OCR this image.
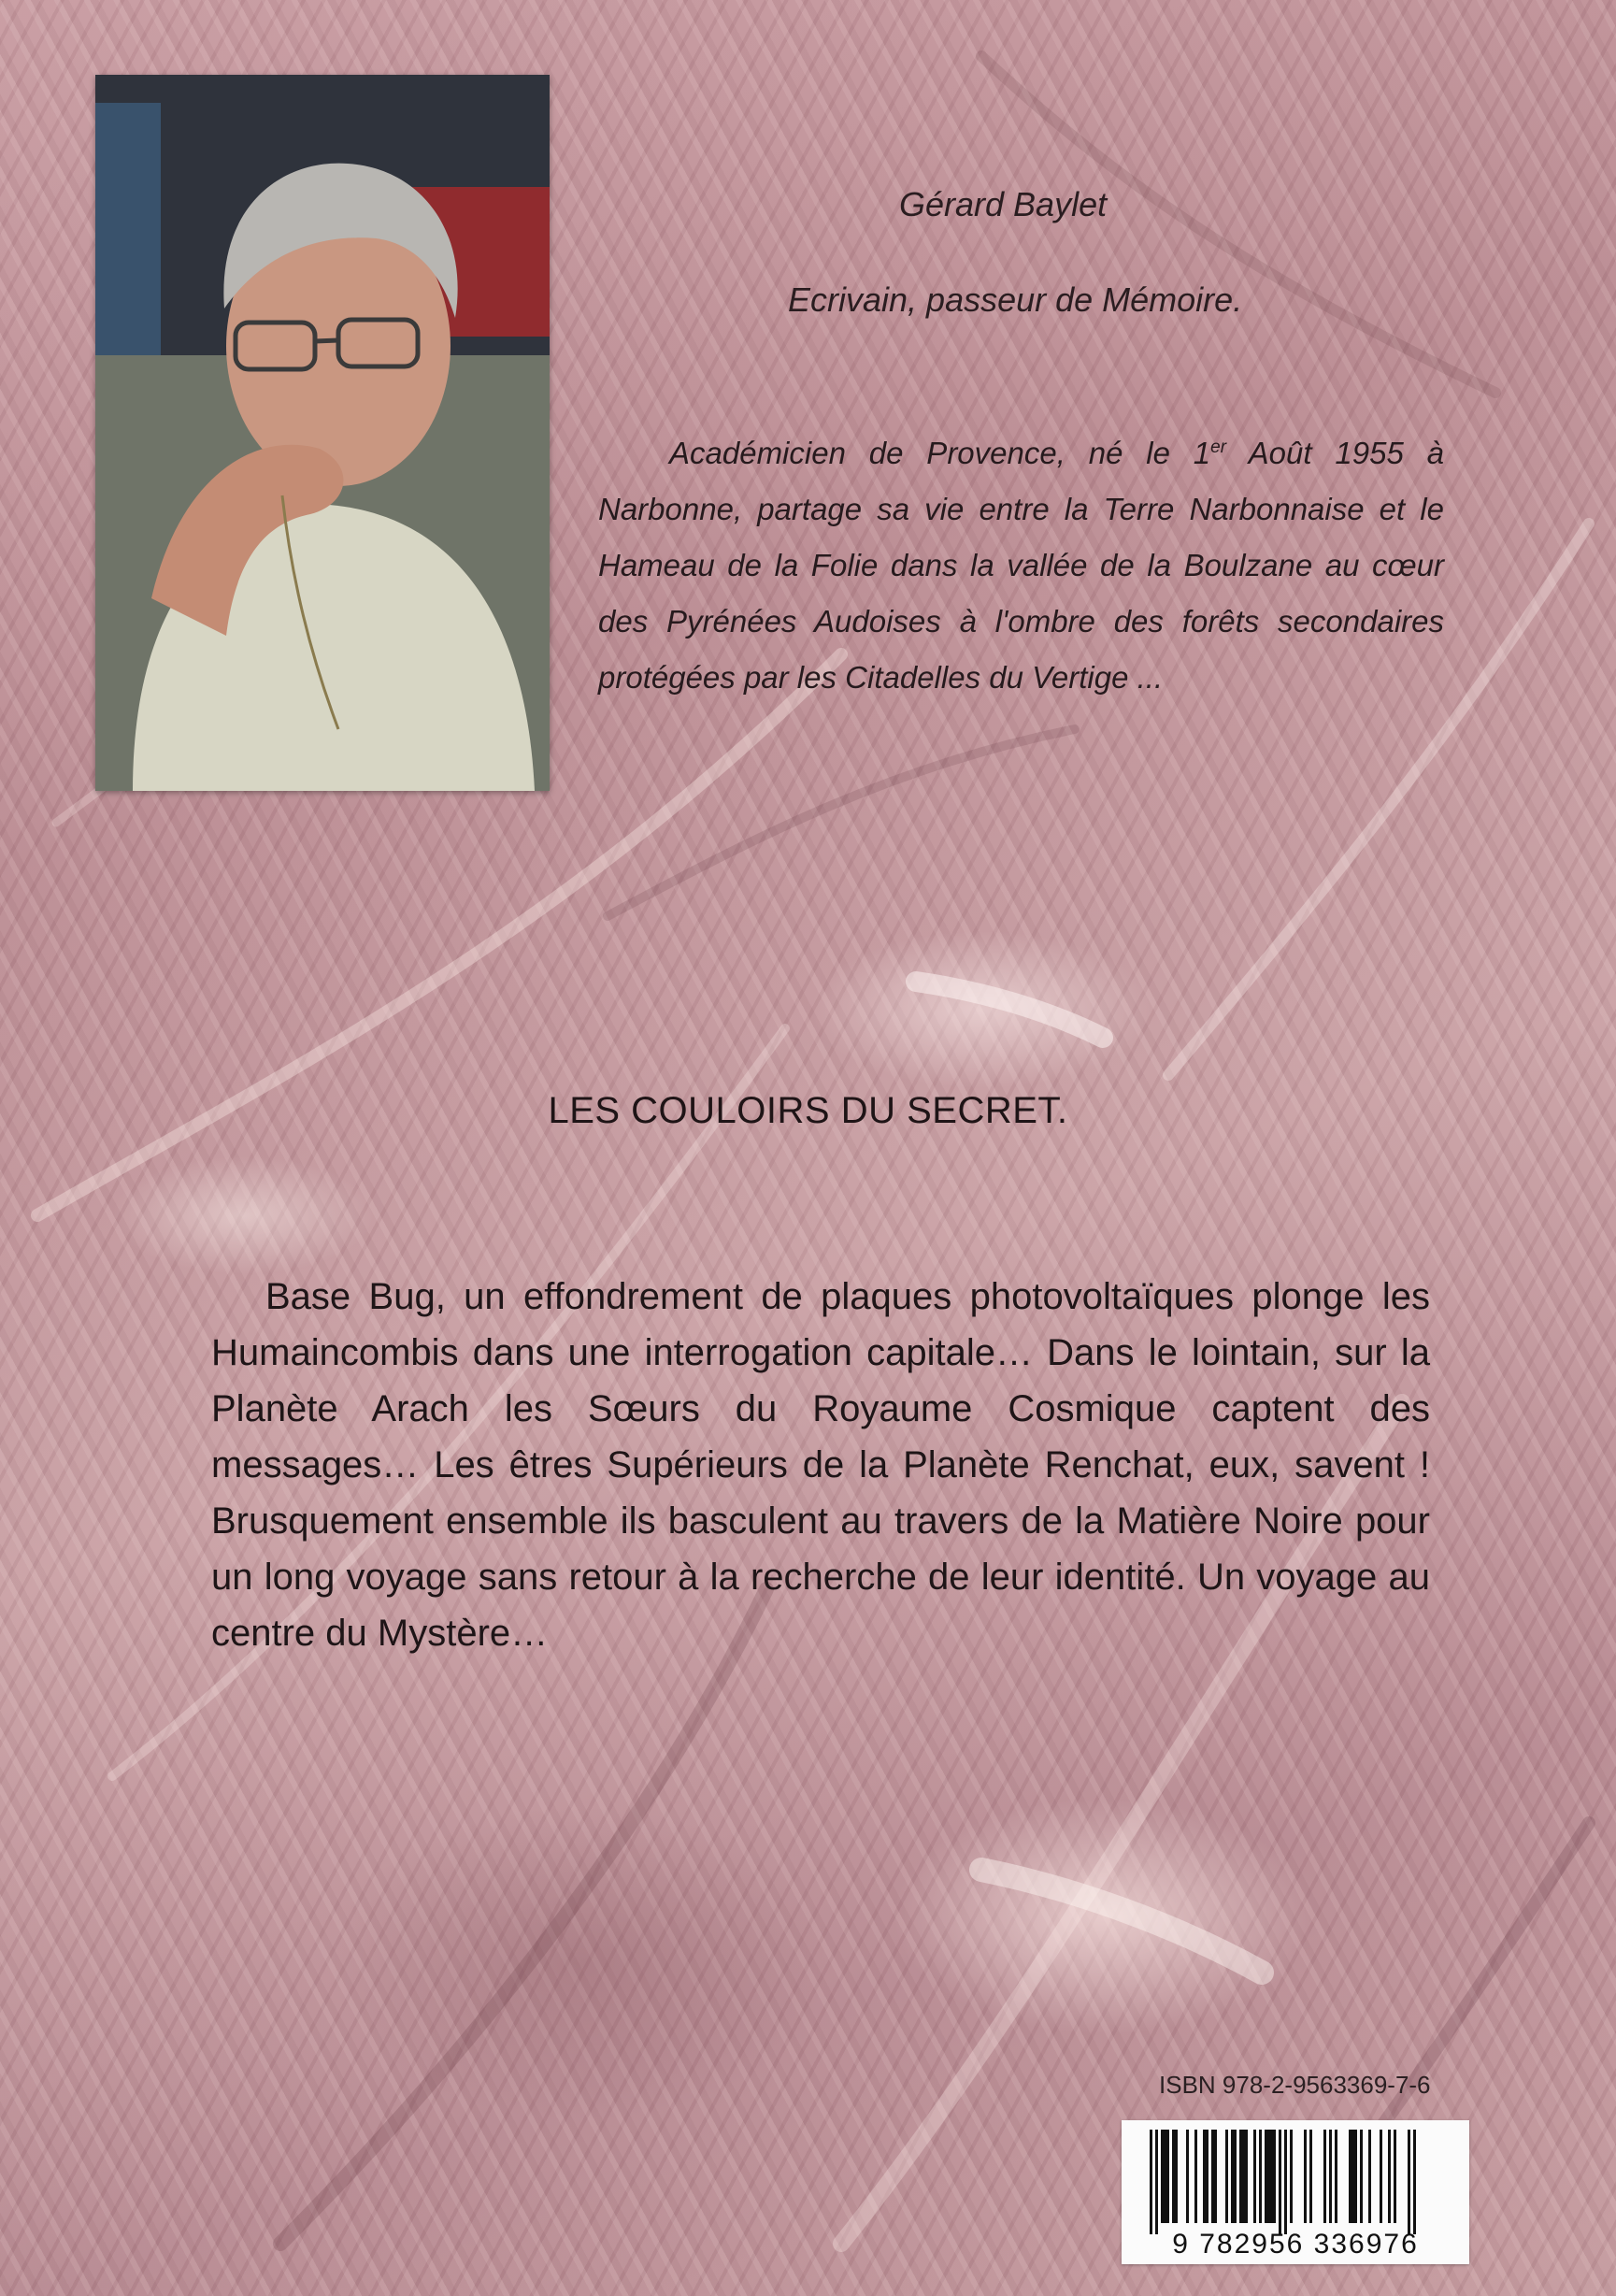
Gérard Baylet
Ecrivain, passeur de Mémoire.

Académicien de Provence, né le 1er Août 1955 à Narbonne, partage sa vie entre la Terre Narbonnaise et le Hameau de la Folie dans la vallée de la Boulzane au cœur des Pyrénées Audoises à l'ombre des forêts secondaires protégées par les Citadelles du Vertige ...

LES COULOIRS DU SECRET.

Base Bug, un effondrement de plaques photovoltaïques plonge les Humaincombis dans une interrogation capitale… Dans le lointain, sur la Planète Arach les Sœurs du Royaume Cosmique captent des messages… Les êtres Supérieurs de la Planète Renchat, eux, savent ! Brusquement ensemble ils basculent au travers de la Matière Noire pour un long voyage sans retour à la recherche de leur identité. Un voyage au centre du Mystère…

ISBN 978-2-9563369-7-6
9 782956 336976
